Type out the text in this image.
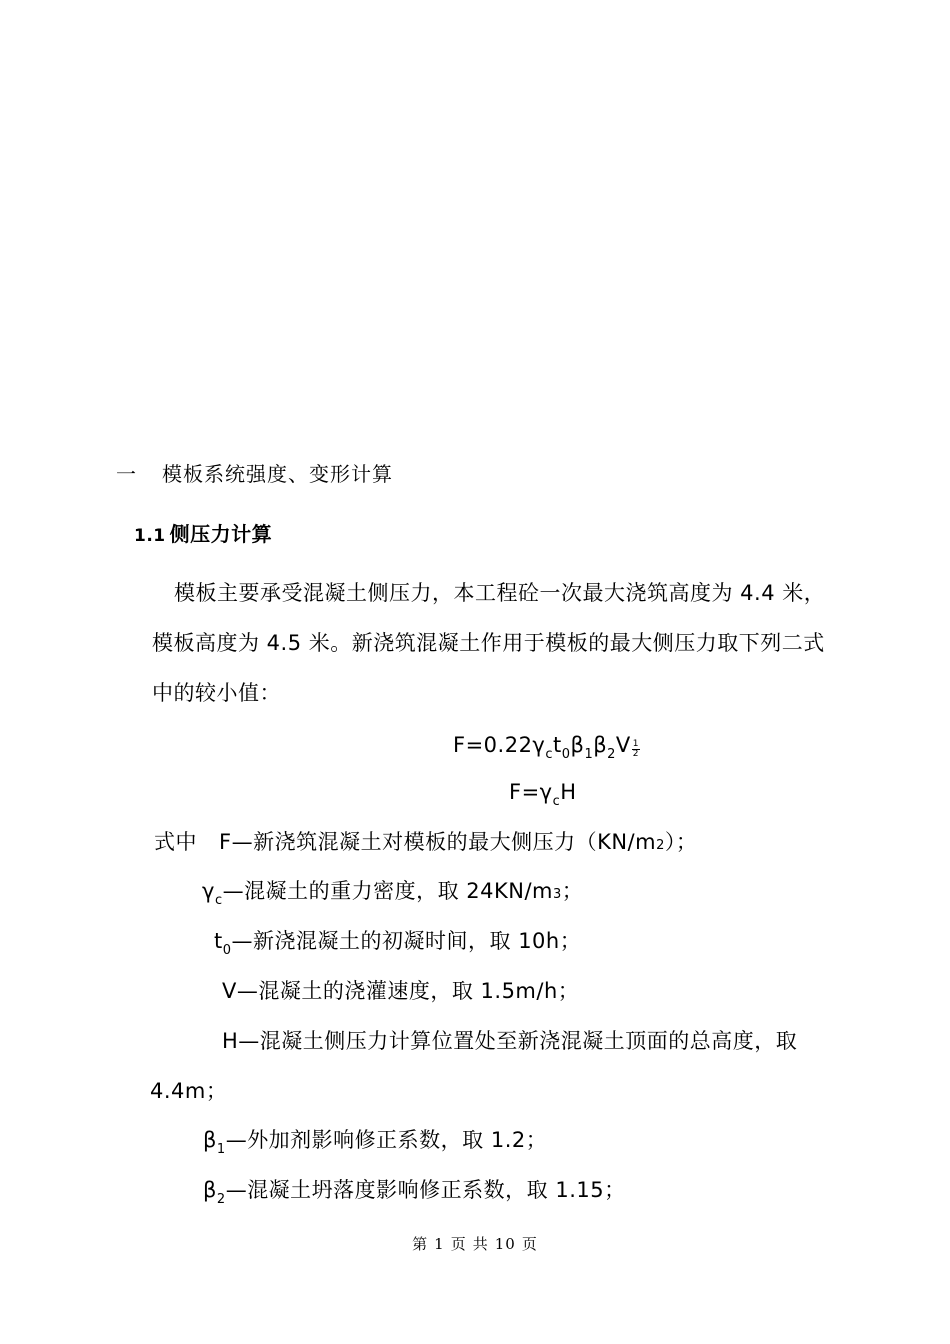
一 模板系统强度、变形计算
1.1 侧压力计算
模板主要承受混凝土侧压力，本工程砼一次最大浇筑高度为 4.4 米，
模板高度为 4.5 米。新浇筑混凝土作用于模板的最大侧压力取下列二式
中的较小值：
$F=0.22\gamma_ct_0\beta_1\beta_2V \frac{1}{2}$
$F=\gamma_cH$
式中 F—新浇筑混凝土对模板的最大侧压力（KN/m2）；
$\gamma_c—$混凝土的重力密度，取 24KN/m3；
$t_0—$新浇混凝土的初凝时间，取 10h；
V—混凝土的浇灌速度，取 1.5m/h；
H—混凝土侧压力计算位置处至新浇混凝土顶面的总高度，取
4.4m；
$\beta_1—$外加剂影响修正系数，取 1.2；
$\beta_2—$混凝土坍落度影响修正系数，取 1.15；
第 1 页 共 10 页
